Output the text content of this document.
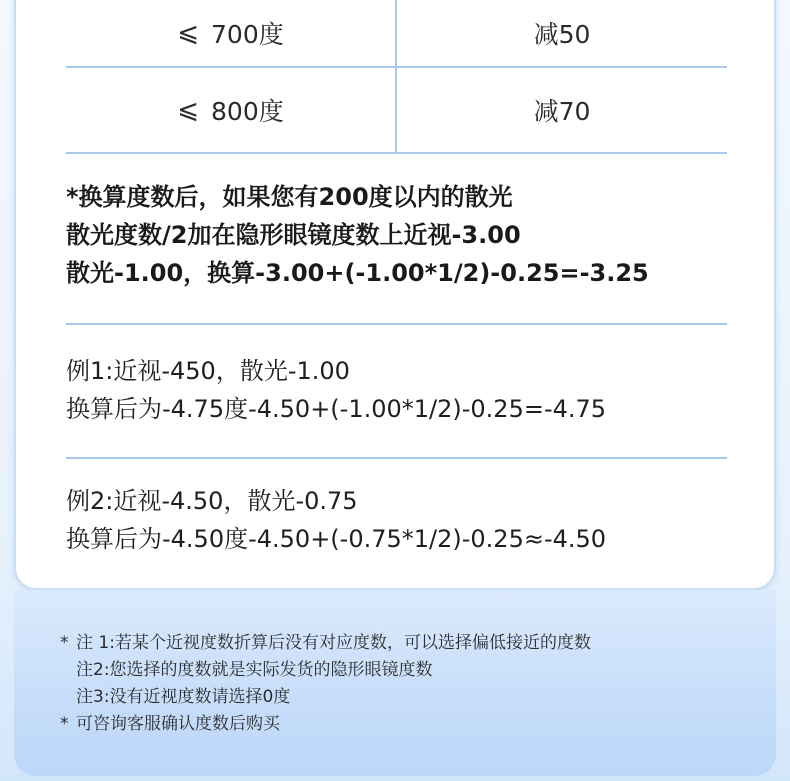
⩽ 700度	减50
⩽ 800度	减70
*换算度数后，如果您有200度以内的散光
散光度数/2加在隐形眼镜度数上近视-3.00
散光-1.00，换算-3.00+(-1.00*1/2)-0.25=-3.25
例1:近视-450，散光-1.00
换算后为-4.75度-4.50+(-1.00*1/2)-0.25=-4.75
例2:近视-4.50，散光-0.75
换算后为-4.50度-4.50+(-0.75*1/2)-0.25≈-4.50
* 注 1:若某个近视度数折算后没有对应度数，可以选择偏低接近的度数
注2:您选择的度数就是实际发货的隐形眼镜度数
注3:没有近视度数请选择0度
* 可咨询客服确认度数后购买
